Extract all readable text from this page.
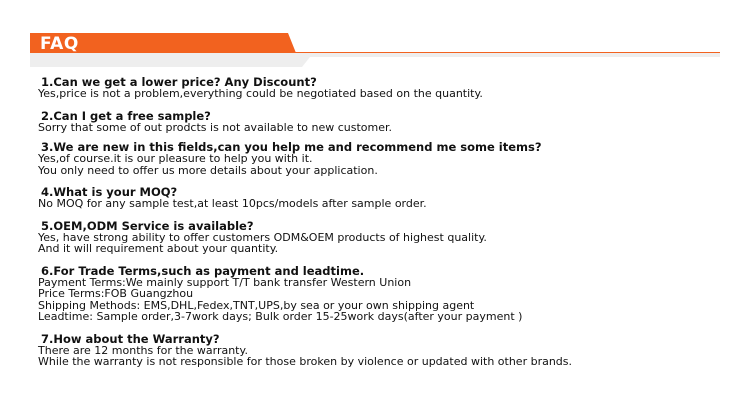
FAQ
1.Can we get a lower price? Any Discount?
Yes,price is not a problem,everything could be negotiated based on the quantity.
2.Can I get a free sample?
Sorry that some of out prodcts is not available to new customer.
3.We are new in this fields,can you help me and recommend me some items?
Yes,of course.it is our pleasure to help you with it.
You only need to offer us more details about your application.
4.What is your MOQ?
No MOQ for any sample test,at least 10pcs/models after sample order.
5.OEM,ODM Service is available?
Yes, have strong ability to offer customers ODM&OEM products of highest quality.
And it will requirement about your quantity.
6.For Trade Terms,such as payment and leadtime.
Payment Terms:We mainly support T/T bank transfer Western Union
Price Terms:FOB Guangzhou
Shipping Methods: EMS,DHL,Fedex,TNT,UPS,by sea or your own shipping agent
Leadtime: Sample order,3-7work days; Bulk order 15-25work days(after your payment )
7.How about the Warranty?
There are 12 months for the warranty.
While the warranty is not responsible for those broken by violence or updated with other brands.
